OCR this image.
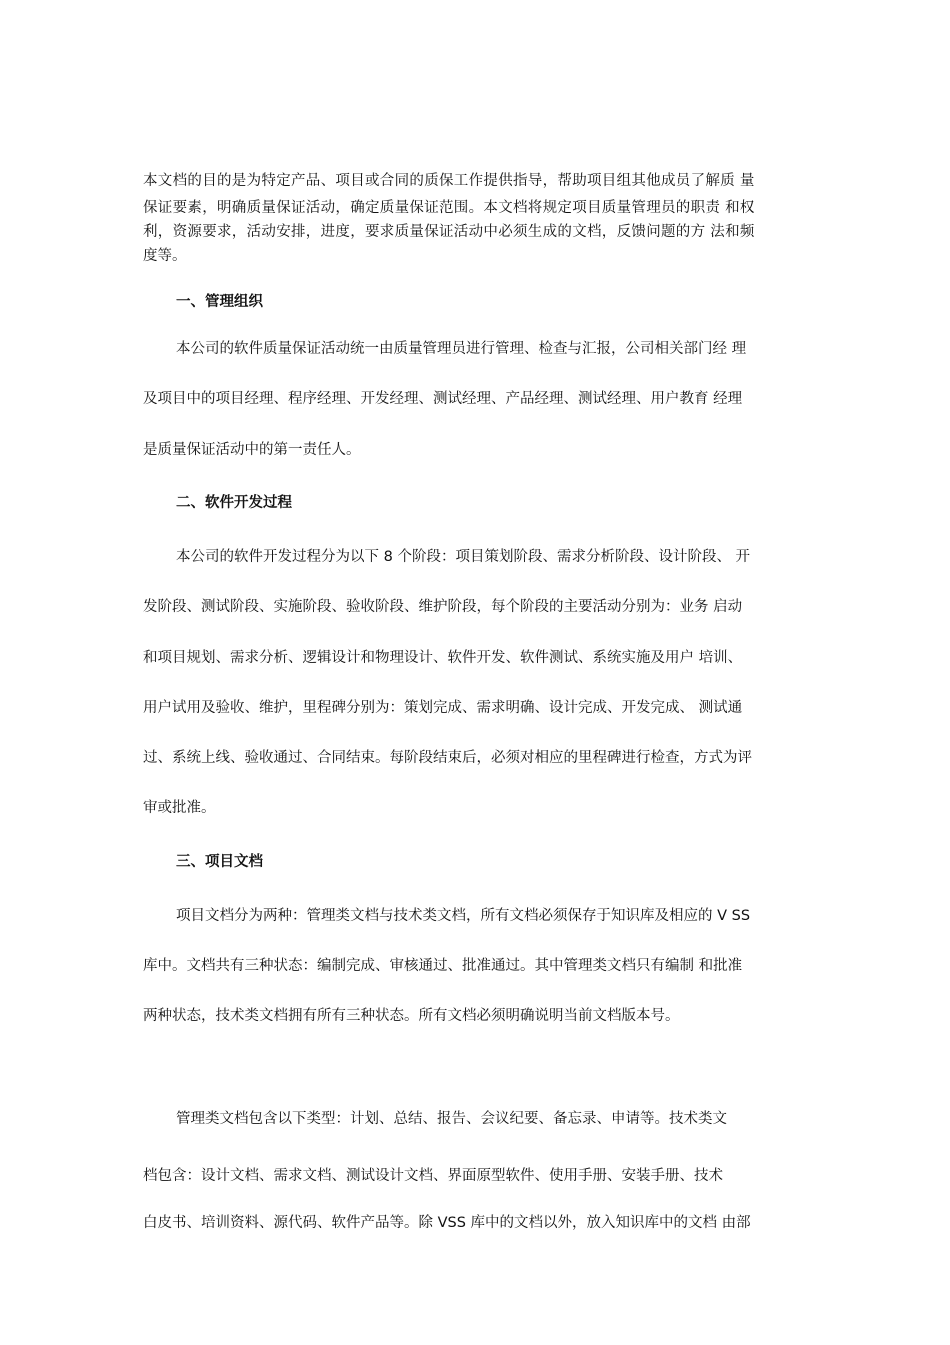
本文档的目的是为特定产品、项目或合同的质保工作提供指导，帮助项目组其他成员了解质 量
保证要素，明确质量保证活动，确定质量保证范围。本文档将规定项目质量管理员的职责 和权
利，资源要求，活动安排，进度，要求质量保证活动中必须生成的文档，反馈问题的方 法和频
度等。
一、管理组织
本公司的软件质量保证活动统一由质量管理员进行管理、检查与汇报，公司相关部门经 理
及项目中的项目经理、程序经理、开发经理、测试经理、产品经理、测试经理、用户教育 经理
是质量保证活动中的第一责任人。
二、软件开发过程
本公司的软件开发过程分为以下 8 个阶段：项目策划阶段、需求分析阶段、设计阶段、 开
发阶段、测试阶段、实施阶段、验收阶段、维护阶段，每个阶段的主要活动分别为：业务 启动
和项目规划、需求分析、逻辑设计和物理设计、软件开发、软件测试、系统实施及用户 培训、
用户试用及验收、维护，里程碑分别为：策划完成、需求明确、设计完成、开发完成、 测试通
过、系统上线、验收通过、合同结束。每阶段结束后，必须对相应的里程碑进行检查，方式为评
审或批准。
三、项目文档
项目文档分为两种：管理类文档与技术类文档，所有文档必须保存于知识库及相应的 V SS
库中。文档共有三种状态：编制完成、审核通过、批准通过。其中管理类文档只有编制 和批准
两种状态，技术类文档拥有所有三种状态。所有文档必须明确说明当前文档版本号。
管理类文档包含以下类型：计划、总结、报告、会议纪要、备忘录、申请等。技术类文
档包含：设计文档、需求文档、测试设计文档、界面原型软件、使用手册、安装手册、技术
白皮书、培训资料、源代码、软件产品等。除 VSS 库中的文档以外，放入知识库中的文档 由部
